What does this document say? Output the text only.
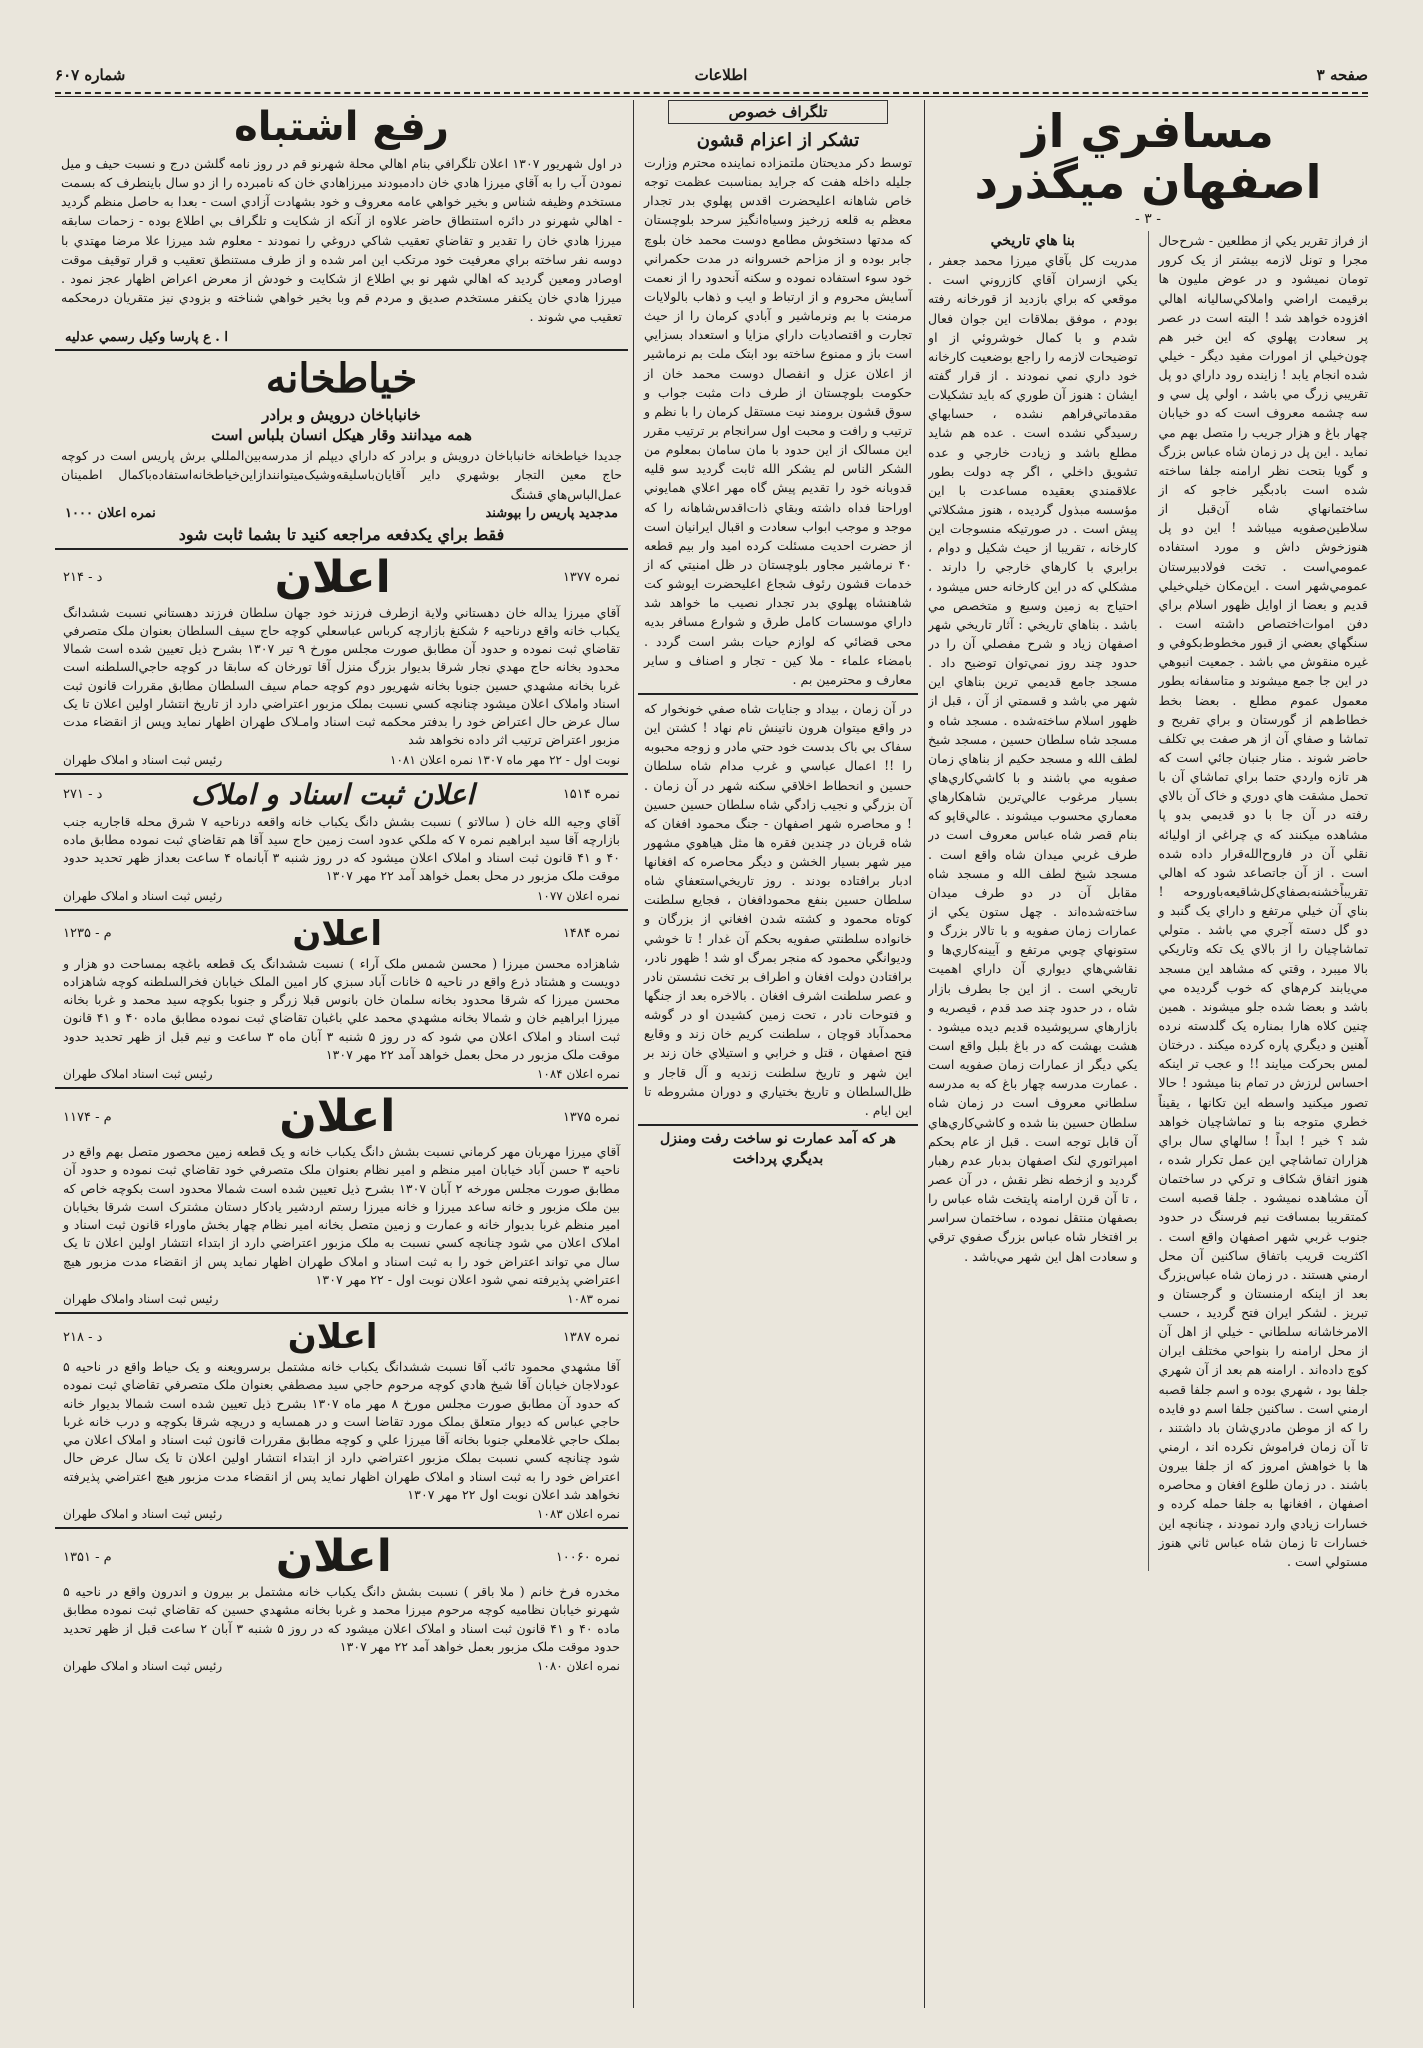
صفحه ۳
اطلاعات
شماره ۶۰۷
مسافري از اصفهان ميگذرد
- ۳ -
از فراز تقرير يکي از مطلعين - شرح‌حال مجرا و تونل لازمه بيشتر از يک کرور تومان نميشود و در عوض مليون ها برقيمت اراضي واملاکي‌ساليانه اهالي افزوده خواهد شد ! البته است در عصر پر سعادت پهلوي که اين خبر هم چون‌خيلي از امورات مفيد ديگر - خيلي شده انجام يابد ! زاينده رود داراي دو پل تقريبي زرگ مي باشد ، اولي پل سي و سه چشمه معروف است که دو خيابان چهار باغ و هزار جريب را متصل بهم مي نمايد . اين پل در زمان شاه عباس بزرگ و گويا بتحت نظر ارامنه جلفا ساخته شده است بادبگير خاجو که از ساختمانهاي شاه آن‌قبل از سلاطين‌صفويه ميباشد ! اين دو پل هنوزخوش داش و مورد استفاده عمومي‌است . تخت فولاد‌بيرستان عمومي‌شهر است . اين‌مکان خيلي‌خيلي قديم و بعضا از اوايل ظهور اسلام براي دفن اموات‌اختصاص داشته است . سنگهاي بعضي از قبور مخطوط‌بکوفي و غيره منقوش مي باشد . جمعيت انبوهي در اين جا جمع ميشوند و متاسفانه بطور معمول عموم مطلع . بعضا بخط خطاط‌هم از گورستان و براي تفريح و تماشا و صفاي آن از هر صفت بي تکلف حاضر شوند . منار جنبان جائي است که هر تازه واردي حتما براي تماشاي آن با تحمل مشقت هاي دوري و خاک آن بالاي رفته در آن جا با دو قديمي بدو پا مشاهده ميکنند که ي چراغي از اوليائه نقلي آن در فاروح‌الله‌قرار داده شده است . از آن جاتصاعد شود که اهالي تقريباً‌خشنه‌بصفاي‌كل‌شاقيعه‌با‌وروحه ! بناي آن خيلي مرتفع و داراي يک گنبد و دو گل دسته آجري مي باشد . متولي تماشاچيان را از بالاي يک تکه وتاريکي بالا ميبرد ، وقتي که مشاهد اين مسجد مي‌يابند کرم‌هاي که خوب گرديده مي باشد و بعضا شده جلو ميشوند . همين چنين کلاه هارا بمناره يک گلدسته نرده آهنين و ديگري پاره کرده ميکند . درختان لمس بحرکت ميايند !! و عجب تر اينکه احساس لرزش در تمام بنا ميشود ! حالا تصور ميکنيد واسطه اين تکانها ، يقيناً خطري متوجه بنا و تماشاچيان خواهد شد ؟ خير ! ابداً ! سالهاي سال براي هزاران تماشاچي اين عمل تکرار شده ، هنوز اتفاق شکاف و ترکي در ساختمان آن مشاهده نميشود . جلفا قصبه است کمتقريبا بمسافت نيم فرسنگ در حدود جنوب غربي شهر اصفهان واقع است . اکثريت قريب باتفاق ساکنين آن محل ارمني هستند . در زمان شاه عباس‌بزرگ بعد از اينکه ارمنستان و گرجستان و تبريز . لشکر ايران فتح گرديد ، حسب الامر‌خاشانه سلطاني - خيلي از اهل آن از محل ارامنه را بنواحي مختلف ايران کوچ داده‌اند . ارامنه هم بعد از آن شهري جلفا بود ، شهري بوده و اسم جلفا قصبه ارمني است . ساکنين جلفا اسم دو فايده را که از موطن مادري‌شان باد داشتند ، تا آن زمان فراموش نکرده اند ، ارمني ها با خواهش امروز که از جلفا بيرون باشند . در زمان طلوع افغان و محاصره اصفهان ، افغانها به جلفا حمله کرده و خسارات زيادي وارد نمودند ، چنانچه اين خسارات تا زمان شاه عباس ثاني هنوز مستولي است .
بنا هاي تاريخي
مدريت کل بآقاي ميرزا محمد جعفر ، يکي ازسران آقاي کازروني است . موقعي که براي بازديد از قورخانه رفته بودم ، موفق بملاقات اين جوان فعال شدم و با کمال خوشروئي از او توضيحات لازمه را راجع بوضعيت کارخانه خود داري نمي نمودند . از قرار گفته ايشان : هنوز آن طوري که بايد تشکيلات مقدماتي‌فراهم نشده ، حسابهاي رسيدگي نشده است . عده هم شايد مطلع باشد و زيادت خارجي و عده تشويق داخلي ، اگر چه دولت بطور علاقمندي بعقيده مساعدت با اين مؤسسه مبذول گرديده ، هنوز مشکلاتي پيش است . در صورتيکه منسوجات اين کارخانه ، تقريبا از حيث شکيل و دوام ، برابري با کارهاي خارجي را دارند . مشکلي که در اين کارخانه حس ميشود ، احتياج به زمين وسيع و متخصص مي باشد . بناهاي تاريخي : آثار تاريخي شهر اصفهان زياد و شرح مفصلي آن را در حدود چند روز نمي‌توان توضيح داد . مسجد جامع قديمي ترين بناهاي اين شهر مي باشد و قسمتي از آن ، قبل از ظهور اسلام ساخته‌شده . مسجد شاه و مسجد شاه سلطان حسين ، مسجد شيخ لطف الله و مسجد حکيم از بناهاي زمان صفويه مي باشند و با کاشي‌کاري‌هاي بسيار مرغوب عالي‌ترين شاهکارهاي معماري محسوب ميشوند . عالي‌قاپو که بنام قصر شاه عباس معروف است در طرف غربي ميدان شاه واقع است . مسجد شيخ لطف الله و مسجد شاه مقابل آن در دو طرف ميدان ساخته‌شده‌اند . چهل ستون يکي از عمارات زمان صفويه و با تالار بزرگ و ستونهاي چوبي مرتفع و آيينه‌کاري‌ها و نقاشي‌هاي ديواري آن داراي اهميت تاريخي است . از اين جا بطرف بازار شاه ، در حدود چند صد قدم ، قيصريه و بازارهاي سرپوشيده قديم ديده ميشود . هشت بهشت که در باغ بلبل واقع است يکي ديگر از عمارات زمان صفويه است . عمارت مدرسه چهار باغ که به مدرسه سلطاني معروف است در زمان شاه سلطان حسين بنا شده و کاشي‌کاري‌هاي آن قابل توجه است . قبل از عام بحکم امپراتوري لنک اصفهان بدبار عدم رهبار گرديد و ازخطه نظر نقش ، در آن عصر ، تا آن قرن ارامنه پايتخت شاه عباس را بصفهان منتقل نموده ، ساختمان سراسر بر افتخار شاه عباس بزرگ صفوي ترقي و سعادت اهل اين شهر مي‌باشد .
تلگراف خصوص
تشکر از اعزام قشون
توسط دکر مديحتان ملتمزاده نماينده محترم وزارت جليله داخله هفت که جرايد بمناسبت عظمت توجه خاص شاهانه اعليحضرت اقدس پهلوي بدر تجدار معظم به قلعه زرخيز وسياه‌انگيز سرحد بلوچستان که مدتها دستخوش مطامع دوست محمد خان بلوچ جابر بوده و از مزاحم خسروانه در مدت حکمراني خود سوء استفاده نموده و سکنه آنحدود را از نعمت آسايش محروم و از ارتباط و ايب و ذهاب بالولايات مرمنت با بم ونرماشير و آبادي کرمان را از حيث تجارت و اقتصاديات داراي مزايا و استعداد بسزايي است باز و ممنوع ساخته بود ابتک ملت بم نرماشير از اعلان عزل و انفصال دوست محمد خان از حکومت بلوچستان از طرف دات مثبت جواب و سوق قشون برومند نيت مستقل کرمان را با نظم و ترتيب و رافت و محبت اول سرانجام بر ترتيب مقرر اين مسالک از اين حدود با مان سامان بمعلوم من الشکر الناس لم يشکر الله ثابت گرديد سو قليه قدوبانه خود را تقديم پيش گاه مهر اعلاي همايوني اوراحنا فداه داشته وبقاي ذات‌اقدس‌شاهانه را که موجد و موجب ابواب سعادت و اقبال ايرانيان است از حضرت احديت مسئلت کرده اميد وار بيم قطعه ۴۰ نرماشير مجاور بلوچستان در ظل امنيتي که از خدمات قشون رئوف شجاع اعليحضرت ايوشو کت شاهنشاه پهلوي بدر تجدار نصيب ما خواهد شد داراي موسسات کامل طرق و شوارع مسافر بدیه محی قضائي که لوازم حيات بشر است گردد . بامضاء علماء - ملا کين - تجار و اصناف و ساير معارف و محترمين بم .
در آن زمان ، بيداد و جنايات شاه صفي خونخوار که در واقع ميتوان هرون ناتينش نام نهاد ! کشتن اين سفاک بي باک بدست خود حتي مادر و زوجه محبوبه را !! اعمال عباسي و غرب مدام شاه سلطان حسين و انحطاط اخلاقي سکنه شهر در آن زمان . آن بزرگي و نجيب زادگي شاه سلطان حسين حسين ! و محاصره شهر اصفهان - جنگ محمود افغان که شاه قربان در چندين فقره ها مثل هياهوي مشهور مير شهر بسيار‌ الخشن و ديگر محاصره که افغانها ادبار برافتاده بودند . روز تاريخي‌استعفاي شاه سلطان حسين بنفع محمود‌افغان ، فجايع سلطنت کوتاه محمود و کشته شدن افغاني از بزرگان و خانواده سلطنتي صفويه بحکم آن غدار ! تا خوشي وديوانگي محمود که منجر بمرگ او شد ! ظهور نادر، برافتادن دولت افغان و اطراف بر تخت نشستن نادر و عصر سلطنت اشرف افغان . بالاخره بعد از جنگها و فتوحات نادر ، تحت زمين کشيدن او در گوشه محمدآباد قوچان ، سلطنت کريم خان زند و وقايع فتح اصفهان ، قتل و خرابي و استيلاي خان زند بر اين شهر و تاريخ سلطنت زنديه و آل قاجار و ظل‌السلطان و تاريخ بختياري و دوران مشروطه تا اين ايام .
هر که آمد عمارت نو ساخت رفت ومنزل بديگري پرداخت
رفع اشتباه
در اول شهريور ۱۳۰۷ اعلان تلگرافي بنام اهالي محلة شهرنو قم در روز نامه گلشن درج و نسبت حيف و ميل نمودن آب را به آقاي ميرزا هادي خان دادمبودند ميرزاهادي خان که نامبرده را از دو سال باينطرف که بسمت مستخدم وظيفه شناس و بخير خواهي عامه معروف و خود بشهادت آزادي است - بعدا به حاصل منظم گرديد - اهالي شهرنو در دائره استنطاق حاضر علاوه از آنکه از شکايت و تلگراف بي اطلاع بوده - زحمات سابقه ميرزا هادي خان را تقدير و تقاضاي تعقيب شاکي دروغي را نمودند - معلوم شد ميرزا علا مرضا مهتدي با دوسه نفر ساخته براي معرفيت خود مرتکب اين امر شده و از طرف مستنطق تعقيب و قرار توقيف موقت اوصادر ومعين گرديد که اهالي شهر نو بي اطلاع از شکايت و خودش از معرض اعراض اظهار عجز نمود . ميرزا هادي خان يکنفر مستخدم صديق و مردم قم وبا بخير خواهي شناخته و بزودي نيز متقريان درمحکمه تعقيب مي شوند .
ا . ع پارسا وکيل رسمي عدليه
خياطخانه
خانباباخان درويش و برادر
همه ميدانند وقار هيکل انسان بلباس است
جديدا خياطخانه خانباباخان درويش و برادر که داراي ديپلم از مدرسه‌بين‌المللي برش پاريس است در کوچه حاج معين التجار بوشهري داير آقايان‌باسليقه‌وشيک‌ميتوانند‌ازاين‌خياطخانه‌استفاده‌با‌کمال اطمينان عمل‌ا‌لباس‌هاي قشنگ
مدجديد پاريس را بپوشند
نمره اعلان ۱۰۰۰
فقط براي يکدفعه مراجعه کنيد تا بشما ثابت شود
نمره ۱۳۷۷
اعلان
د - ۲۱۴
آقاي ميرزا يداله خان دهستاني ولاية ازطرف فرزند خود جهان سلطان فرزند دهستاني نسبت ششدانگ يکباب خانه واقع درناحيه ۶ شکنغ بازارچه کرباس عباسعلي کوچه حاج سيف السلطان بعنوان ملک متصرفي تقاضاي ثبت نموده و حدود آن مطابق صورت مجلس مورخ ۹ تير ۱۳۰۷ بشرح ذيل تعيين شده است شمالا محدود بخانه حاج مهدي نجار شرقا بديوار بزرگ منزل آقا تورخان که سابقا در کوچه حاجي‌السلطنه است غربا بخانه مشهدي حسين جنوبا بخانه شهريور دوم کوچه حمام سيف السلطان مطابق مقررات قانون ثبت اسناد واملاک اعلان ميشود چنانچه کسي نسبت بملک مزبور اعتراضي دارد از تاريخ انتشار اولين اعلان تا يک سال عرض حال اعتراض خود را بدفتر محکمه ثبت اسناد وامـلاک طهران اظهار نمايد وپس از انقضاء مدت مزبور اعتراض ترتيب اثر داده نخواهد شد
نوبت اول - ۲۲ مهر ماه ۱۳۰۷ نمره اعلان ۱۰۸۱
رئيس ثبت اسناد و املاک طهران
نمره ۱۵۱۴
اعلان ثبت اسناد و املاک
د - ۲۷۱
آقاي وجيه الله خان ( سالاتو ) نسبت بشش دانگ يکباب خانه واقعه درناحيه ۷ شرق محله قاجاريه جنب بازارچه آقا سيد ابراهيم نمره ۷ که ملکي عدود است زمين حاج سيد آقا هم تقاضاي ثبت نموده مطابق ماده ۴۰ و ۴۱ قانون ثبت اسناد و املاک اعلان ميشود که در روز شنبه ۳ آبانماه ۴ ساعت بعداز ظهر تحديد حدود موقت ملک مزبور در محل بعمل خواهد آمد ۲۲ مهر ۱۳۰۷
نمره اعلان ۱۰۷۷
رئيس ثبت اسناد و املاک طهران
نمره ۱۴۸۴
اعلان
م - ۱۲۳۵
شاهزاده محسن ميرزا ( محسن شمس ملک آراء ) نسبت ششدانگ يک قطعه باغچه بمساحت دو هزار و دويست و هشتاد ذرع واقع در ناحيه ۵ خانات آباد سبزي کار امين الملک خيابان فخرالسلطنه کوچه شاهزاده محسن ميرزا که شرقا محدود بخانه سلمان خان بانوس قبلا زرگر و جنوبا بکوچه سيد محمد و غربا بخانه ميرزا ابراهيم خان و شمالا بخانه مشهدي محمد علي باغبان تقاضاي ثبت نموده مطابق ماده ۴۰ و ۴۱ قانون ثبت اسناد و املاک اعلان مي شود که در روز ۵ شنبه ۳ آبان ماه ۳ ساعت و نيم قبل از ظهر تحديد حدود موقت ملک مزبور در محل بعمل خواهد آمد ۲۲ مهر ۱۳۰۷
نمره اعلان ۱۰۸۴
رئيس ثبت اسناد املاک طهران
نمره ۱۳۷۵
اعلان
م - ۱۱۷۴
آقاي ميرزا مهربان مهر کرماني نسبت بشش دانگ يکباب خانه و يک قطعه زمين محصور متصل بهم واقع در ناحيه ۳ حسن آباد خيابان امير منظم و امير نظام بعنوان ملک متصرفي خود تقاضاي ثبت نموده و حدود آن مطابق صورت مجلس مورخه ۲ آبان ۱۳۰۷ بشرح ذيل تعيين شده است شمالا محدود است بکوچه خاص که بين ملک مزبور و خانه ساعد ميرزا و خانه ميرزا رستم اردشير يادکار دستان مشترک است شرقا بخيابان امير منظم غربا بديوار خانه و عمارت و زمين متصل بخانه امير نظام چهار بخش ماوراء قانون ثبت اسناد و املاک اعلان مي شود چنانچه کسي نسبت به ملک مزبور اعتراضي دارد از ابتداء انتشار اولين اعلان تا يک سال مي تواند اعتراض خود را به ثبت اسناد و املاک طهران اظهار نمايد پس از انقضاء مدت مزبور هيچ اعتراضي پذيرفته نمي شود اعلان نوبت اول - ۲۲ مهر ۱۳۰۷
نمره ۱۰۸۳
رئيس ثبت اسناد واملاک طهران
نمره ۱۳۸۷
اعلان
د - ۲۱۸
آقا مشهدي محمود تائب آقا نسبت ششدانگ يکباب خانه مشتمل برسرويعنه و يک حياط واقع در ناحيه ۵ عودلاجان خيابان آقا شيخ هادي کوچه مرحوم حاجي سيد مصطفي بعنوان ملک متصرفي تقاضاي ثبت نموده که حدود آن مطابق صورت مجلس مورخ ۸ مهر ماه ۱۳۰۷ بشرح ذيل تعيين شده است شمالا بديوار خانه حاجي عباس که ديوار متعلق بملک مورد تقاضا است و در همسايه و دريچه شرقا بکوچه و درب خانه غربا بملک حاجي غلامعلي جنوبا بخانه آقا ميرزا علي و کوچه مطابق مقررات قانون ثبت اسناد و املاک اعلان مي شود چنانچه کسي نسبت بملک مزبور اعتراضي دارد از ابتداء انتشار اولين اعلان تا يک سال عرض حال اعتراض خود را به ثبت اسناد و املاک طهران اظهار نمايد پس از انقضاء مدت مزبور هيچ اعتراضي پذيرفته نخواهد شد اعلان نوبت اول ۲۲ مهر ۱۳۰۷
نمره اعلان ۱۰۸۳
رئيس ثبت اسناد و املاک طهران
نمره ۱۰۰۶۰
اعلان
م - ۱۳۵۱
مخدره فرخ خانم ( ملا باقر ) نسبت بشش دانگ يکباب خانه مشتمل بر بيرون و اندرون واقع در ناحيه ۵ شهرنو خيابان نظاميه کوچه مرحوم ميرزا محمد و غربا بخانه مشهدي حسين که تقاضاي ثبت نموده مطابق ماده ۴۰ و ۴۱ قانون ثبت اسناد و املاک اعلان ميشود که در روز ۵ شنبه ۳ آبان ۲ ساعت قبل از ظهر تحديد حدود موقت ملک مزبور بعمل خواهد آمد ۲۲ مهر ۱۳۰۷
نمره اعلان ۱۰۸۰
رئيس ثبت اسناد و املاک طهران
